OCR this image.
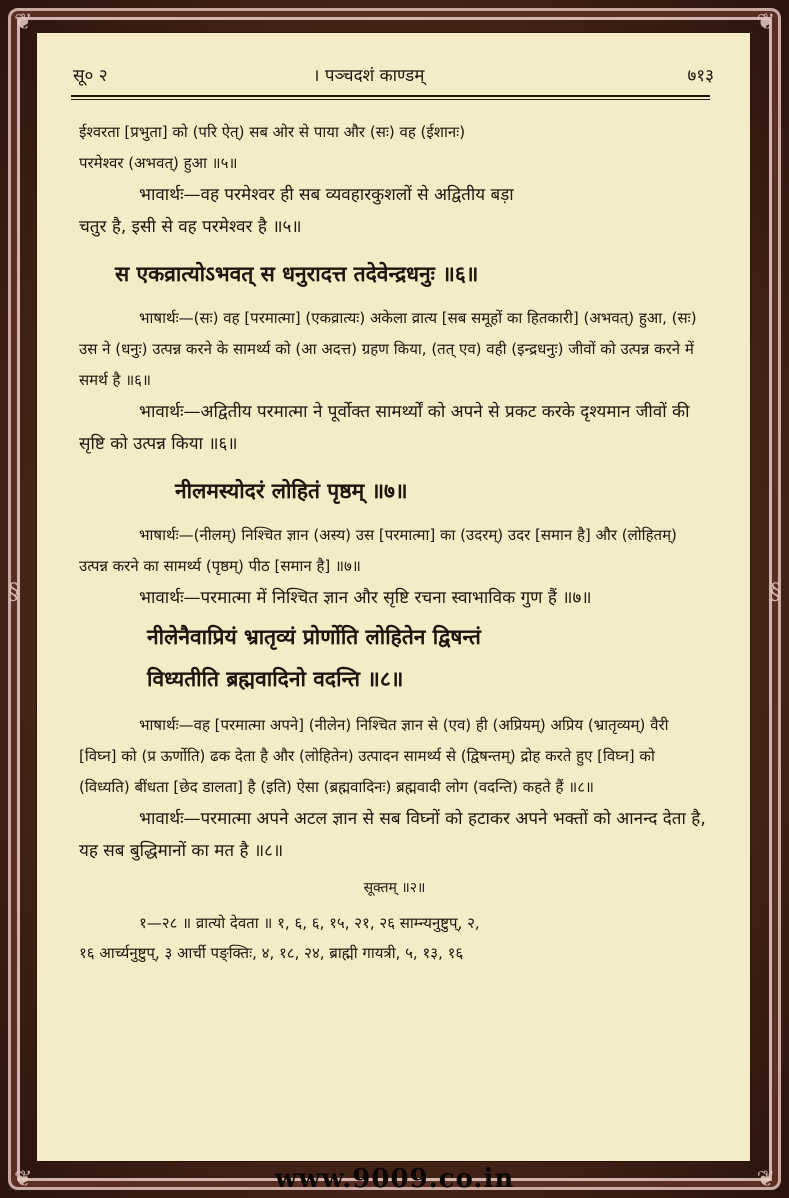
❦	❦
❦	❦
§	§
सू० २	। पञ्चदशं काण्डम्	७१३

ईश्वरता [प्रभुता] को (परि ऐत्) सब ओर से पाया और (सः) वह (ईशानः)

परमेश्वर (अभवत्) हुआ ॥५॥

भावार्थः—वह परमेश्वर ही सब व्यवहारकुशलों से अद्वितीय बड़ा

चतुर है, इसी से वह परमेश्वर है ॥५॥

स एकव्रात्योऽभवत् स धनुरादत्त तदेवेन्द्रधनुः ॥६॥

भाषार्थः—(सः) वह [परमात्मा] (एकव्रात्यः) अकेला व्रात्य [सब समूहों का हितकारी] (अभवत्) हुआ, (सः) उस ने (धनुः) उत्पन्न करने के सामर्थ्य को (आ अदत्त) ग्रहण किया, (तत् एव) वही (इन्द्रधनुः) जीवों को उत्पन्न करने में समर्थ है ॥६॥

भावार्थः—अद्वितीय परमात्मा ने पूर्वोक्त सामर्थ्यों को अपने से प्रकट करके दृश्यमान जीवों की सृष्टि को उत्पन्न किया ॥६॥

नीलमस्योदरं लोहितं पृष्ठम् ॥७॥

भाषार्थः—(नीलम्) निश्चित ज्ञान (अस्य) उस [परमात्मा] का (उदरम्) उदर [समान है] और (लोहितम्) उत्पन्न करने का सामर्थ्य (पृष्ठम्) पीठ [समान है] ॥७॥

भावार्थः—परमात्मा में निश्चित ज्ञान और सृष्टि रचना स्वाभाविक गुण हैं ॥७॥

नीलेनैवाप्रियं भ्रातृव्यं प्रोर्णोति लोहितेन द्विषन्तं

विध्यतीति ब्रह्मवादिनो वदन्ति ॥८॥

भाषार्थः—वह [परमात्मा अपने] (नीलेन) निश्चित ज्ञान से (एव) ही (अप्रियम्) अप्रिय (भ्रातृव्यम्) वैरी [विघ्न] को (प्र ऊर्णोति) ढक देता है और (लोहितेन) उत्पादन सामर्थ्य से (द्विषन्तम्) द्रोह करते हुए [विघ्न] को (विध्यति) बींधता [छेद डालता] है (इति) ऐसा (ब्रह्मवादिनः) ब्रह्मवादी लोग (वदन्ति) कहते हैं ॥८॥

भावार्थः—परमात्मा अपने अटल ज्ञान से सब विघ्नों को हटाकर अपने भक्तों को आनन्द देता है, यह सब बुद्धिमानों का मत है ॥८॥

सूक्तम् ॥२॥

१—२८ ॥ व्रात्यो देवता ॥ १, ६, ६, १५, २१, २६ साम्न्यनुष्टुप्, २,

१६ आर्च्यनुष्टुप्, ३ आर्ची पङ्क्तिः, ४, १८, २४, ब्राह्मी गायत्री, ५, १३, १६

www.9009.co.in
